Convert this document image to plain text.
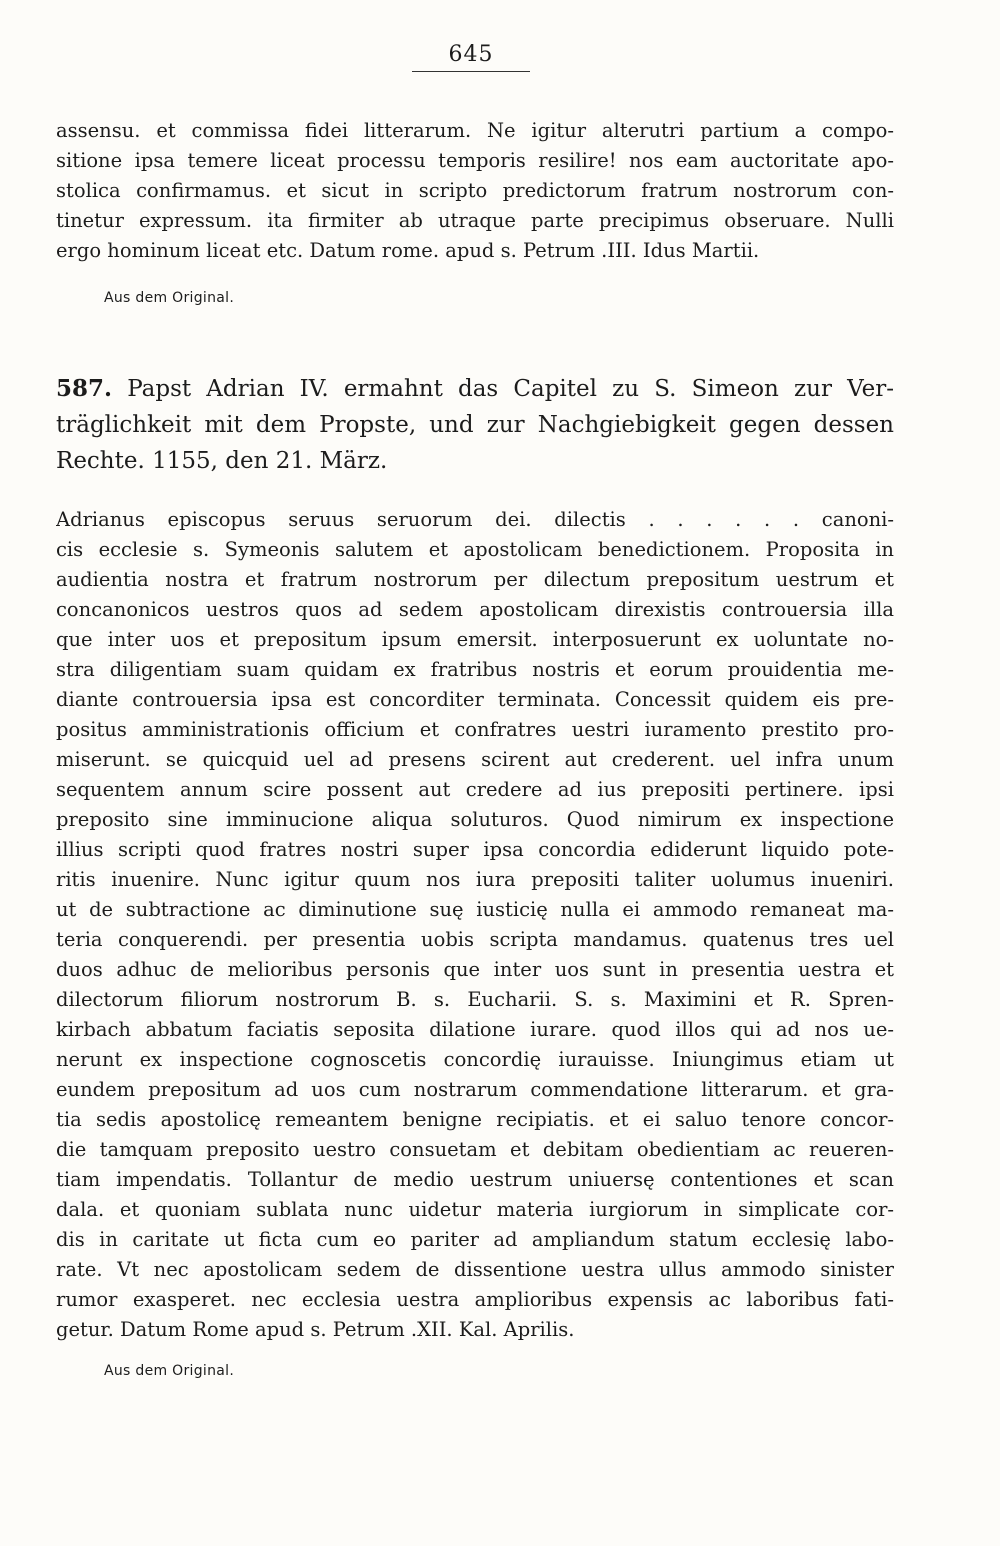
645
assensu. et commissa fidei litterarum. Ne igitur alterutri partium a compo-
sitione ipsa temere liceat processu temporis resilire! nos eam auctoritate apo-
stolica confirmamus. et sicut in scripto predictorum fratrum nostrorum con-
tinetur expressum. ita firmiter ab utraque parte precipimus obseruare. Nulli
ergo hominum liceat etc. Datum rome. apud s. Petrum .III. Idus Martii.
Aus dem Original.
587. Papst Adrian IV. ermahnt das Capitel zu S. Simeon zur Ver-
träglichkeit mit dem Propste, und zur Nachgiebigkeit gegen dessen
Rechte. 1155, den 21. März.
Adrianus episcopus seruus seruorum dei. dilectis . . . . . . canoni-
cis ecclesie s. Symeonis salutem et apostolicam benedictionem. Proposita in
audientia nostra et fratrum nostrorum per dilectum prepositum uestrum et
concanonicos uestros quos ad sedem apostolicam direxistis controuersia illa
que inter uos et prepositum ipsum emersit. interposuerunt ex uoluntate no-
stra diligentiam suam quidam ex fratribus nostris et eorum prouidentia me-
diante controuersia ipsa est concorditer terminata. Concessit quidem eis pre-
positus amministrationis officium et confratres uestri iuramento prestito pro-
miserunt. se quicquid uel ad presens scirent aut crederent. uel infra unum
sequentem annum scire possent aut credere ad ius prepositi pertinere. ipsi
preposito sine imminucione aliqua soluturos. Quod nimirum ex inspectione
illius scripti quod fratres nostri super ipsa concordia ediderunt liquido pote-
ritis inuenire. Nunc igitur quum nos iura prepositi taliter uolumus inueniri.
ut de subtractione ac diminutione suę iusticię nulla ei ammodo remaneat ma-
teria conquerendi. per presentia uobis scripta mandamus. quatenus tres uel
duos adhuc de melioribus personis que inter uos sunt in presentia uestra et
dilectorum filiorum nostrorum B. s. Eucharii. S. s. Maximini et R. Spren-
kirbach abbatum faciatis seposita dilatione iurare. quod illos qui ad nos ue-
nerunt ex inspectione cognoscetis concordię iurauisse. Iniungimus etiam ut
eundem prepositum ad uos cum nostrarum commendatione litterarum. et gra-
tia sedis apostolicę remeantem benigne recipiatis. et ei saluo tenore concor-
die tamquam preposito uestro consuetam et debitam obedientiam ac reueren-
tiam impendatis. Tollantur de medio uestrum uniuersę contentiones et scan
dala. et quoniam sublata nunc uidetur materia iurgiorum in simplicate cor-
dis in caritate ut ficta cum eo pariter ad ampliandum statum ecclesię labo-
rate. Vt nec apostolicam sedem de dissentione uestra ullus ammodo sinister
rumor exasperet. nec ecclesia uestra amplioribus expensis ac laboribus fati-
getur. Datum Rome apud s. Petrum .XII. Kal. Aprilis.
Aus dem Original.
